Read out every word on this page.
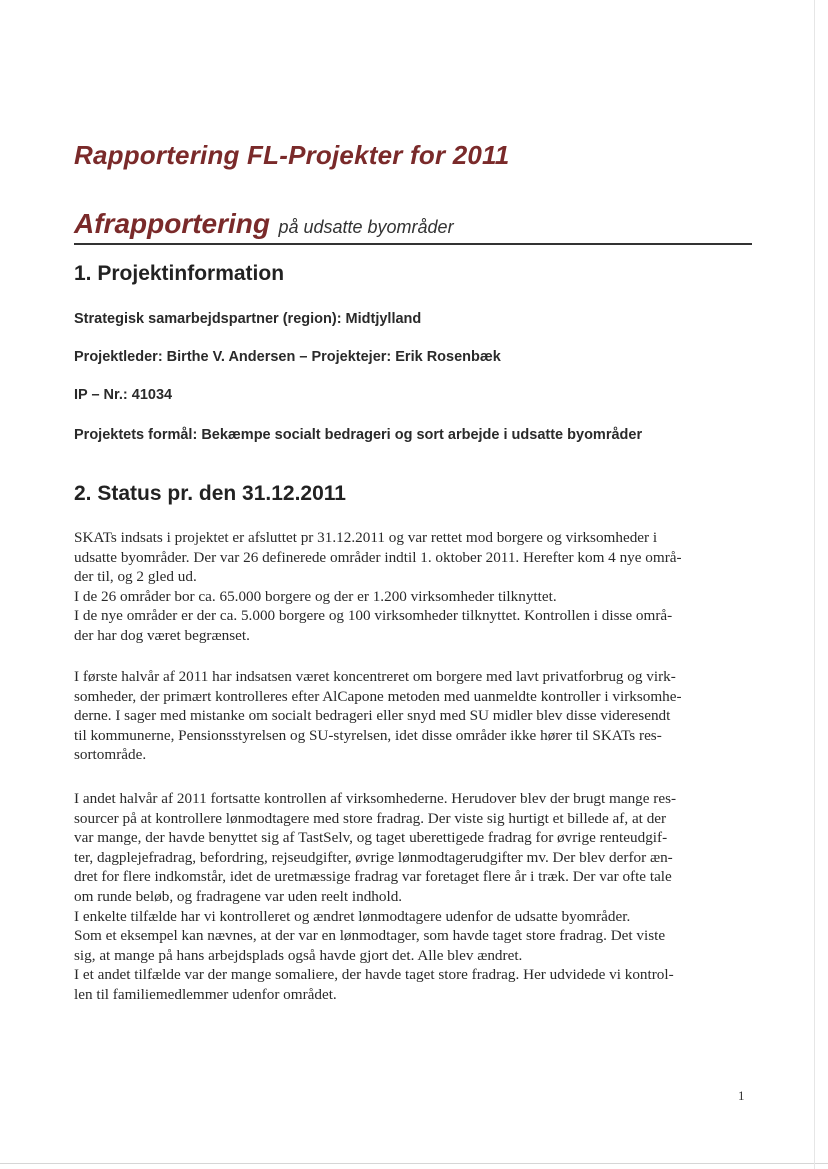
Rapportering FL-Projekter for 2011
Afrapportering på udsatte byområder
1. Projektinformation
Strategisk samarbejdspartner (region): Midtjylland
Projektleder: Birthe V. Andersen – Projektejer: Erik Rosenbæk
IP – Nr.: 41034
Projektets formål: Bekæmpe socialt bedrageri og sort arbejde i udsatte byområder
2. Status pr. den 31.12.2011
SKATs indsats i projektet er afsluttet pr 31.12.2011 og var rettet mod borgere og virksomheder i
udsatte byområder. Der var 26 definerede områder indtil 1. oktober 2011. Herefter kom 4 nye områ-
der til, og 2 gled ud.
I de 26 områder bor ca. 65.000 borgere og der er 1.200 virksomheder tilknyttet.
I de nye områder er der ca. 5.000 borgere og 100 virksomheder tilknyttet. Kontrollen i disse områ-
der har dog været begrænset.
I første halvår af 2011 har indsatsen været koncentreret om borgere med lavt privatforbrug og virk-
somheder, der primært kontrolleres efter AlCapone metoden med uanmeldte kontroller i virksomhe-
derne. I sager med mistanke om socialt bedrageri eller snyd med SU midler blev disse videresendt
til kommunerne, Pensionsstyrelsen og SU-styrelsen, idet disse områder ikke hører til SKATs res-
sortområde.
I andet halvår af 2011 fortsatte kontrollen af virksomhederne. Herudover blev der brugt mange res-
sourcer på at kontrollere lønmodtagere med store fradrag. Der viste sig hurtigt et billede af, at der
var mange, der havde benyttet sig af TastSelv, og taget uberettigede fradrag for øvrige renteudgif-
ter, dagplejefradrag, befordring, rejseudgifter, øvrige lønmodtagerudgifter mv. Der blev derfor æn-
dret for flere indkomstår, idet de uretmæssige fradrag var foretaget flere år i træk. Der var ofte tale
om runde beløb, og fradragene var uden reelt indhold.
I enkelte tilfælde har vi kontrolleret og ændret lønmodtagere udenfor de udsatte byområder.
Som et eksempel kan nævnes, at der var en lønmodtager, som havde taget store fradrag. Det viste
sig, at mange på hans arbejdsplads også havde gjort det. Alle blev ændret.
I et andet tilfælde var der mange somaliere, der havde taget store fradrag. Her udvidede vi kontrol-
len til familiemedlemmer udenfor området.
1
